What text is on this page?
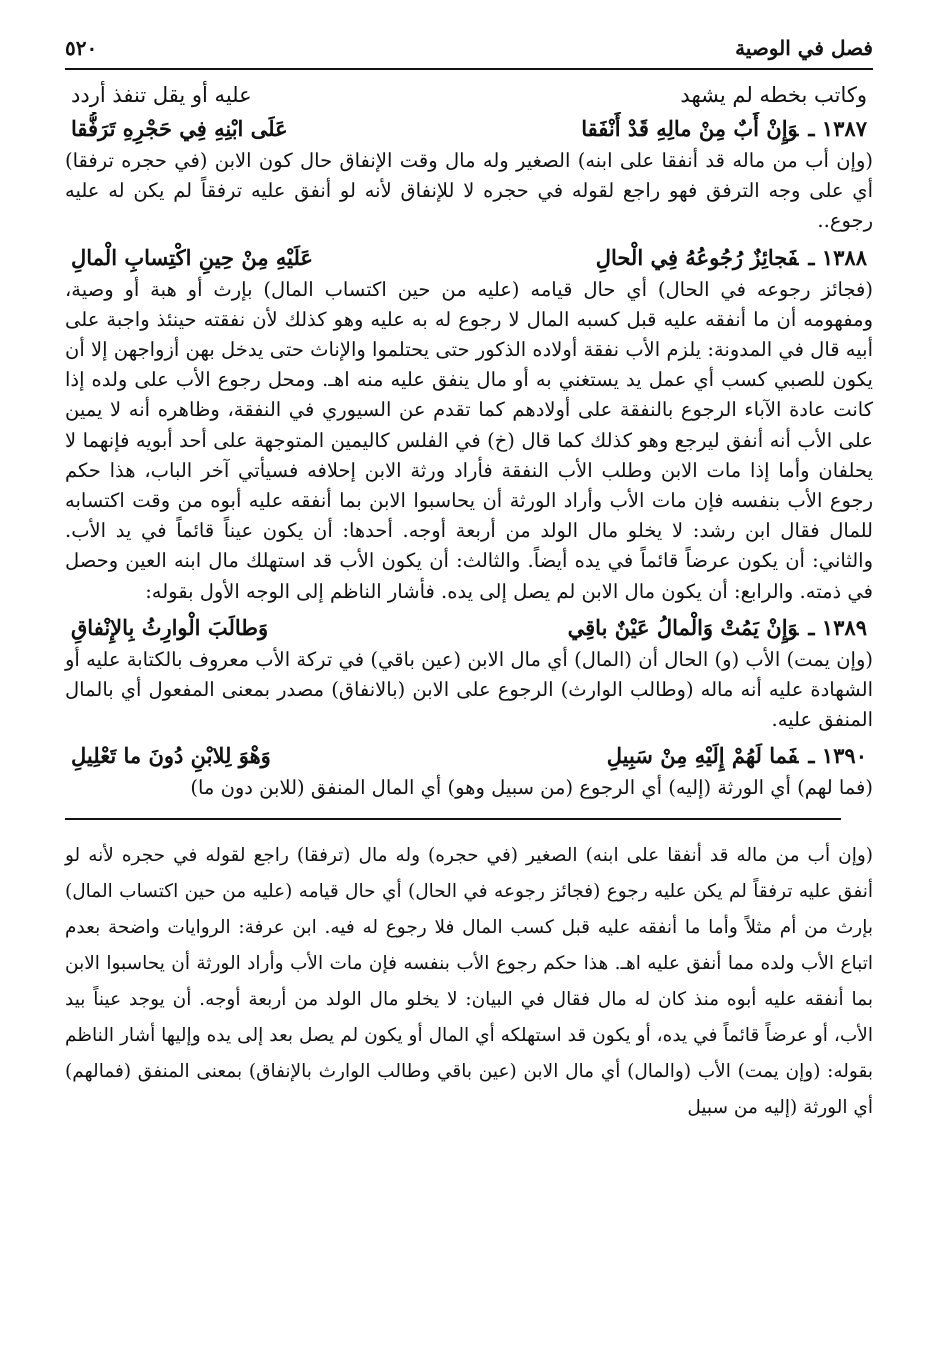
فصل في الوصية
٥٢٠
وكاتب بخطه لم يشهد
عليه أو يقل تنفذ أردد
١٣٨٧ ـوَإِنْ أَبٌ مِنْ مالِهِ قَدْ أَنْفَقا
عَلَى ابْنِهِ فِي حَجْرِهِ تَرَفُّقا

(وإن أب من ماله قد أنفقا على ابنه) الصغير وله مال وقت الإنفاق حال كون الابن (في حجره ترفقا) أي على وجه الترفق فهو راجع لقوله في حجره لا للإنفاق لأنه لو أنفق عليه ترفقاً لم يكن له عليه رجوع..

١٣٨٨ ـفَجائِزٌ رُجُوعُهُ فِي الْحالِ
عَلَيْهِ مِنْ حِينِ اكْتِسابِ الْمالِ

(فجائز رجوعه في الحال) أي حال قيامه (عليه من حين اكتساب المال) بإرث أو هبة أو وصية، ومفهومه أن ما أنفقه عليه قبل كسبه المال لا رجوع له به عليه وهو كذلك لأن نفقته حينئذ واجبة على أبيه قال في المدونة: يلزم الأب نفقة أولاده الذكور حتى يحتلموا والإناث حتى يدخل بهن أزواجهن إلا أن يكون للصبي كسب أي عمل يد يستغني به أو مال ينفق عليه منه اهـ. ومحل رجوع الأب على ولده إذا كانت عادة الآباء الرجوع بالنفقة على أولادهم كما تقدم عن السيوري في النفقة، وظاهره أنه لا يمين على الأب أنه أنفق ليرجع وهو كذلك كما قال (خ) في الفلس كاليمين المتوجهة على أحد أبويه فإنهما لا يحلفان وأما إذا مات الابن وطلب الأب النفقة فأراد ورثة الابن إحلافه فسيأتي آخر الباب، هذا حكم رجوع الأب بنفسه فإن مات الأب وأراد الورثة أن يحاسبوا الابن بما أنفقه عليه أبوه من وقت اكتسابه للمال فقال ابن رشد: لا يخلو مال الولد من أربعة أوجه. أحدها: أن يكون عيناً قائماً في يد الأب. والثاني: أن يكون عرضاً قائماً في يده أيضاً. والثالث: أن يكون الأب قد استهلك مال ابنه العين وحصل في ذمته. والرابع: أن يكون مال الابن لم يصل إلى يده. فأشار الناظم إلى الوجه الأول بقوله:

١٣٨٩ ـوَإِنْ يَمُتْ وَالْمالُ عَيْنٌ باقِي
وَطالَبَ الْوارِثُ بِالإِنْفاقِ

(وإن يمت) الأب (و) الحال أن (المال) أي مال الابن (عين باقي) في تركة الأب معروف بالكتابة عليه أو الشهادة عليه أنه ماله (وطالب الوارث) الرجوع على الابن (بالانفاق) مصدر بمعنى المفعول أي بالمال المنفق عليه.

١٣٩٠ ـفَما لَهُمْ إِلَيْهِ مِنْ سَبِيلِ
وَهْوَ لِلابْنِ دُونَ ما تَعْلِيلِ

(فما لهم) أي الورثة (إليه) أي الرجوع (من سبيل وهو) أي المال المنفق (للابن دون ما)

(وإن أب من ماله قد أنفقا على ابنه) الصغير (في حجره) وله مال (ترفقا) راجع لقوله في حجره لأنه لو أنفق عليه ترفقاً لم يكن عليه رجوع (فجائز رجوعه في الحال) أي حال قيامه (عليه من حين اكتساب المال) بإرث من أم مثلاً وأما ما أنفقه عليه قبل كسب المال فلا رجوع له فيه. ابن عرفة: الروايات واضحة بعدم اتباع الأب ولده مما أنفق عليه اهـ. هذا حكم رجوع الأب بنفسه فإن مات الأب وأراد الورثة أن يحاسبوا الابن بما أنفقه عليه أبوه منذ كان له مال فقال في البيان: لا يخلو مال الولد من أربعة أوجه. أن يوجد عيناً بيد الأب، أو عرضاً قائماً في يده، أو يكون قد استهلكه أي المال أو يكون لم يصل بعد إلى يده وإليها أشار الناظم بقوله: (وإن يمت) الأب (والمال) أي مال الابن (عين باقي وطالب الوارث بالإنفاق) بمعنى المنفق (فمالهم) أي الورثة (إليه من سبيل
